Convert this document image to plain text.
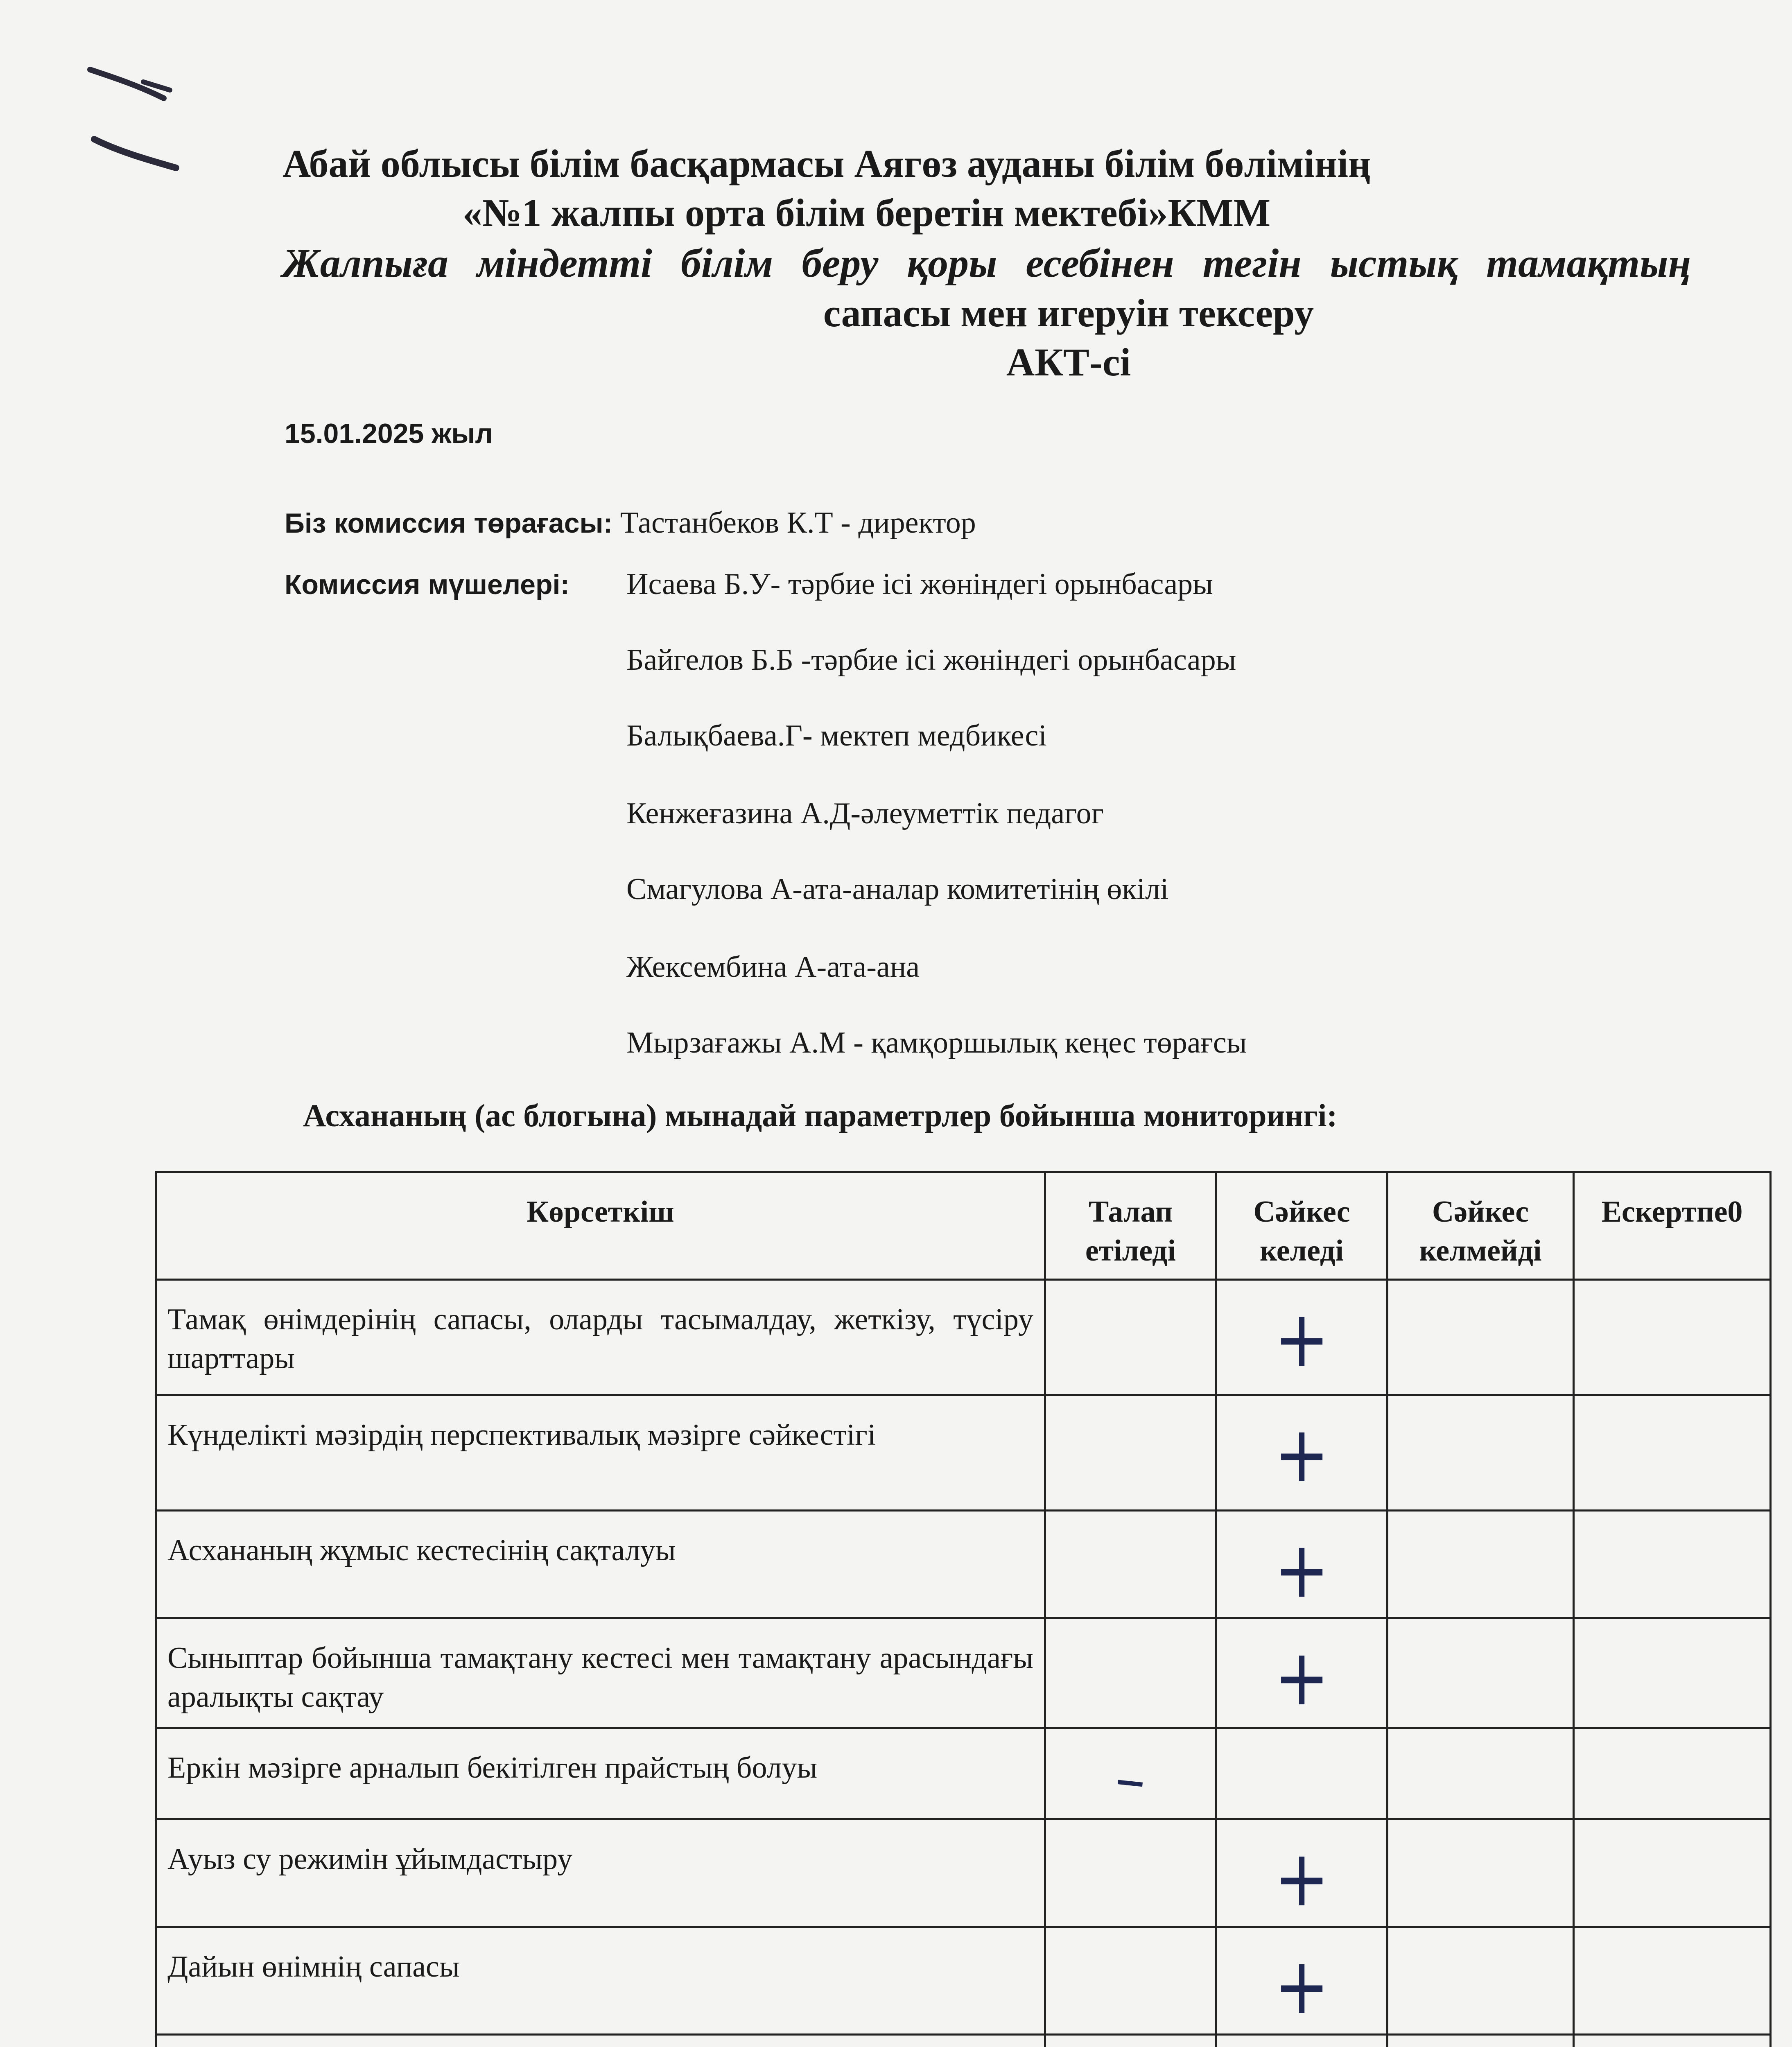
Абай облысы білім басқармасы Аягөз ауданы білім бөлімінің
«№1 жалпы орта білім беретін мектебі»КММ
Жалпыға міндетті білім беру қоры есебінен тегін ыстық тамақтың
сапасы мен игеруін тексеру
АКТ-сі
15.01.2025 жыл
Біз комиссия төрағасы: Тастанбеков К.Т - директор
Комиссия мүшелері: Исаева Б.У- тәрбие ісі жөніндегі орынбасары
Байгелов Б.Б -тәрбие ісі жөніндегі орынбасары
Балықбаева.Г- мектеп медбикесі
Кенжеғазина А.Д-әлеуметтік педагог
Смагулова А-ата-аналар комитетінің өкілі
Жексембина А-ата-ана
Мырзағажы А.М - қамқоршылық кеңес төрағсы
Асхананың (ас блогына) мынадай параметрлер бойынша мониторингі:
Көрсеткіш	Талап етіледі	Сәйкес келеді	Сәйкес келмейді	Ескертпе0
Тамақ өнімдерінің сапасы, оларды тасымалдау, жеткізу, түсіру шарттары		+		
Күнделікті мәзірдің перспективалық мәзірге сәйкестігі		+		
Асхананың жұмыс кестесінің сақталуы		+		
Сыныптар бойынша тамақтану кестесі мен тамақтану арасындағы аралықты сақтау		+		
Еркін мәзірге арналып бекітілген прайстың болуы	–			
Ауыз су режимін ұйымдастыру		+		
Дайын өнімнің сапасы		+		
